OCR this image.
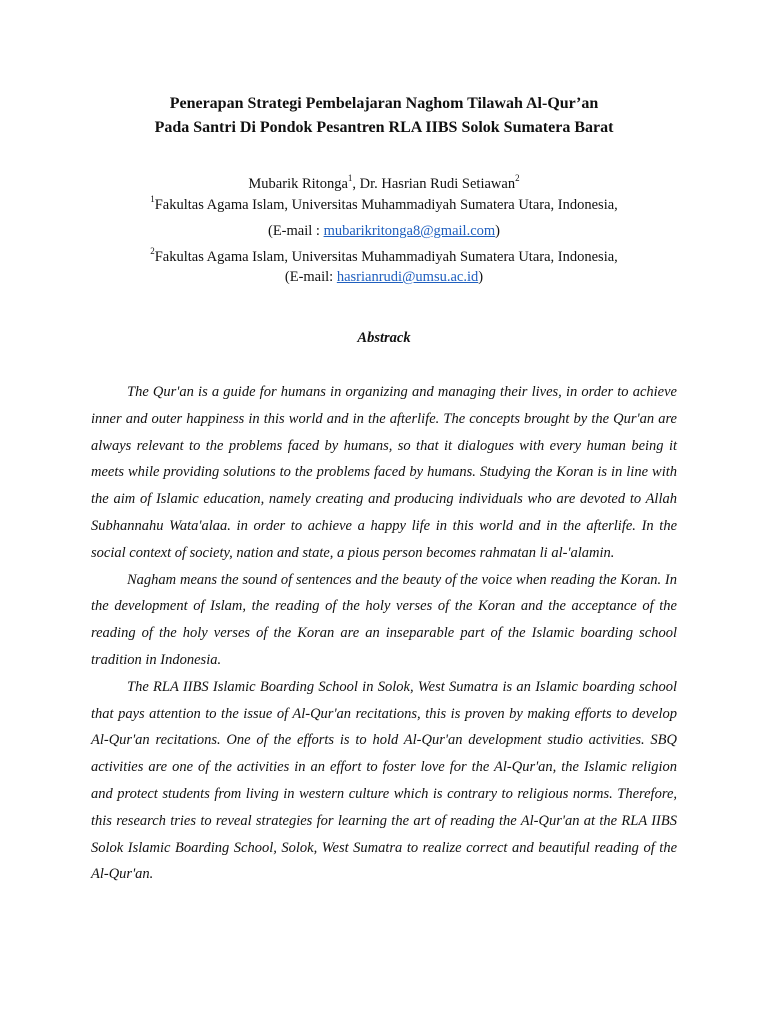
Penerapan Strategi Pembelajaran Naghom Tilawah Al-Qur’an
Pada Santri Di Pondok Pesantren RLA IIBS Solok Sumatera Barat
Mubarik Ritonga$^1$, Dr. Hasrian Rudi Setiawan$^2$
$^1$Fakultas Agama Islam, Universitas Muhammadiyah Sumatera Utara, Indonesia,
(E-mail : mubarikritonga8@gmail.com)
$^2$Fakultas Agama Islam, Universitas Muhammadiyah Sumatera Utara, Indonesia,
(E-mail: hasrianrudi@umsu.ac.id)
Abstrack

The Qur'an is a guide for humans in organizing and managing their lives, in order to achieve inner and outer happiness in this world and in the afterlife. The concepts brought by the Qur'an are always relevant to the problems faced by humans, so that it dialogues with every human being it meets while providing solutions to the problems faced by humans. Studying the Koran is in line with the aim of Islamic education, namely creating and producing individuals who are devoted to Allah Subhannahu Wata'alaa. in order to achieve a happy life in this world and in the afterlife. In the social context of society, nation and state, a pious person becomes rahmatan li al-'alamin.

Nagham means the sound of sentences and the beauty of the voice when reading the Koran. In the development of Islam, the reading of the holy verses of the Koran and the acceptance of the reading of the holy verses of the Koran are an inseparable part of the Islamic boarding school tradition in Indonesia.

The RLA IIBS Islamic Boarding School in Solok, West Sumatra is an Islamic boarding school that pays attention to the issue of Al-Qur'an recitations, this is proven by making efforts to develop Al-Qur'an recitations. One of the efforts is to hold Al-Qur'an development studio activities. SBQ activities are one of the activities in an effort to foster love for the Al-Qur'an, the Islamic religion and protect students from living in western culture which is contrary to religious norms. Therefore, this research tries to reveal strategies for learning the art of reading the Al-Qur'an at the RLA IIBS Solok Islamic Boarding School, Solok, West Sumatra to realize correct and beautiful reading of the Al-Qur'an.
